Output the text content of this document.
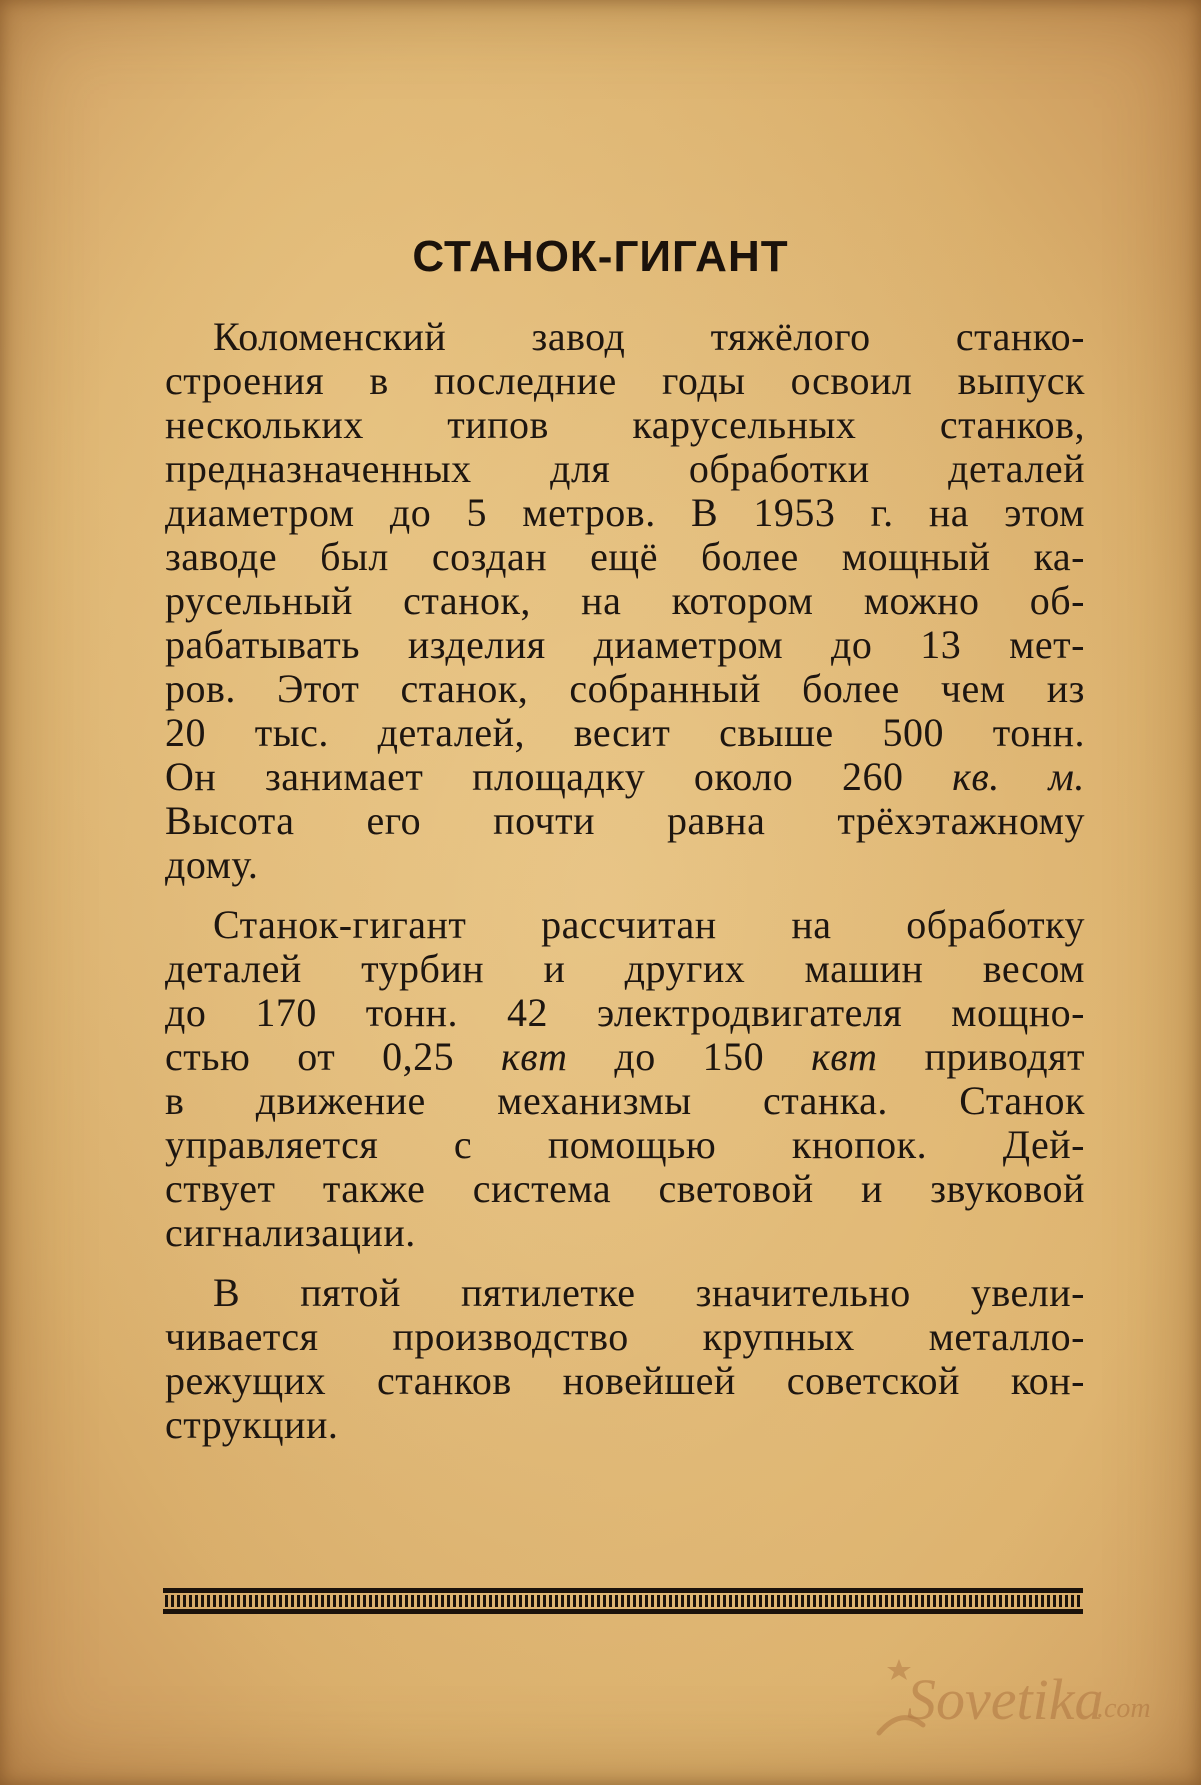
СТАНОК-ГИГАНТ
Коломенский завод тяжёлого станко-
строения в последние годы освоил выпуск
нескольких типов карусельных станков,
предназначенных для обработки деталей
диаметром до 5 метров. В 1953 г. на этом
заводе был создан ещё более мощный ка-
русельный станок, на котором можно об-
рабатывать изделия диаметром до 13 мет-
ров. Этот станок, собранный более чем из
20 тыс. деталей, весит свыше 500 тонн.
Он занимает площадку около 260 кв. м.
Высота его почти равна трёхэтажному
дому.
Станок-гигант рассчитан на обработку
деталей турбин и других машин весом
до 170 тонн. 42 электродвигателя мощно-
стью от 0,25 квт до 150 квт приводят
в движение механизмы станка. Станок
управляется с помощью кнопок. Дей-
ствует также система световой и звуковой
сигнализации.
В пятой пятилетке значительно увели-
чивается производство крупных металло-
режущих станков новейшей советской кон-
струкции.
Sovetika
.com
